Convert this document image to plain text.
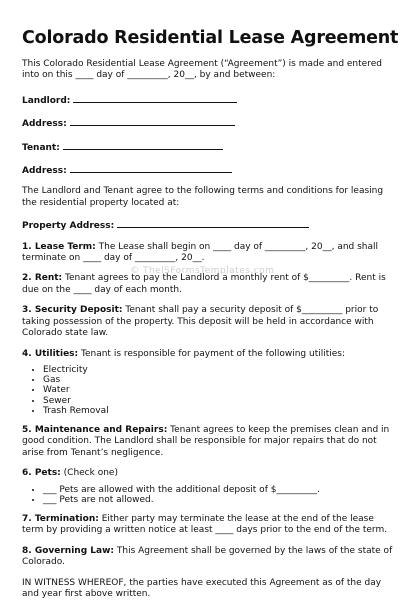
© ThelSFormsTemplates.com
Colorado Residential Lease Agreement

This Colorado Residential Lease Agreement (“Agreement”) is made and entered into on this ____ day of _________, 20__, by and between:

Landlord:

Address:

Tenant:

Address:

The Landlord and Tenant agree to the following terms and conditions for leasing the residential property located at:

Property Address:

1. Lease Term: The Lease shall begin on ____ day of _________, 20__, and shall terminate on ____ day of _________, 20__.

2. Rent: Tenant agrees to pay the Landlord a monthly rent of $_________. Rent is due on the ____ day of each month.

3. Security Deposit: Tenant shall pay a security deposit of $_________ prior to taking possession of the property. This deposit will be held in accordance with Colorado state law.

4. Utilities: Tenant is responsible for payment of the following utilities:

• Electricity
• Gas
• Water
• Sewer
• Trash Removal

5. Maintenance and Repairs: Tenant agrees to keep the premises clean and in good condition. The Landlord shall be responsible for major repairs that do not arise from Tenant’s negligence.

6. Pets: (Check one)

• ___ Pets are allowed with the additional deposit of $_________.
• ___ Pets are not allowed.

7. Termination: Either party may terminate the lease at the end of the lease term by providing a written notice at least ____ days prior to the end of the term.

8. Governing Law: This Agreement shall be governed by the laws of the state of Colorado.

IN WITNESS WHEREOF, the parties have executed this Agreement as of the day and year first above written.
